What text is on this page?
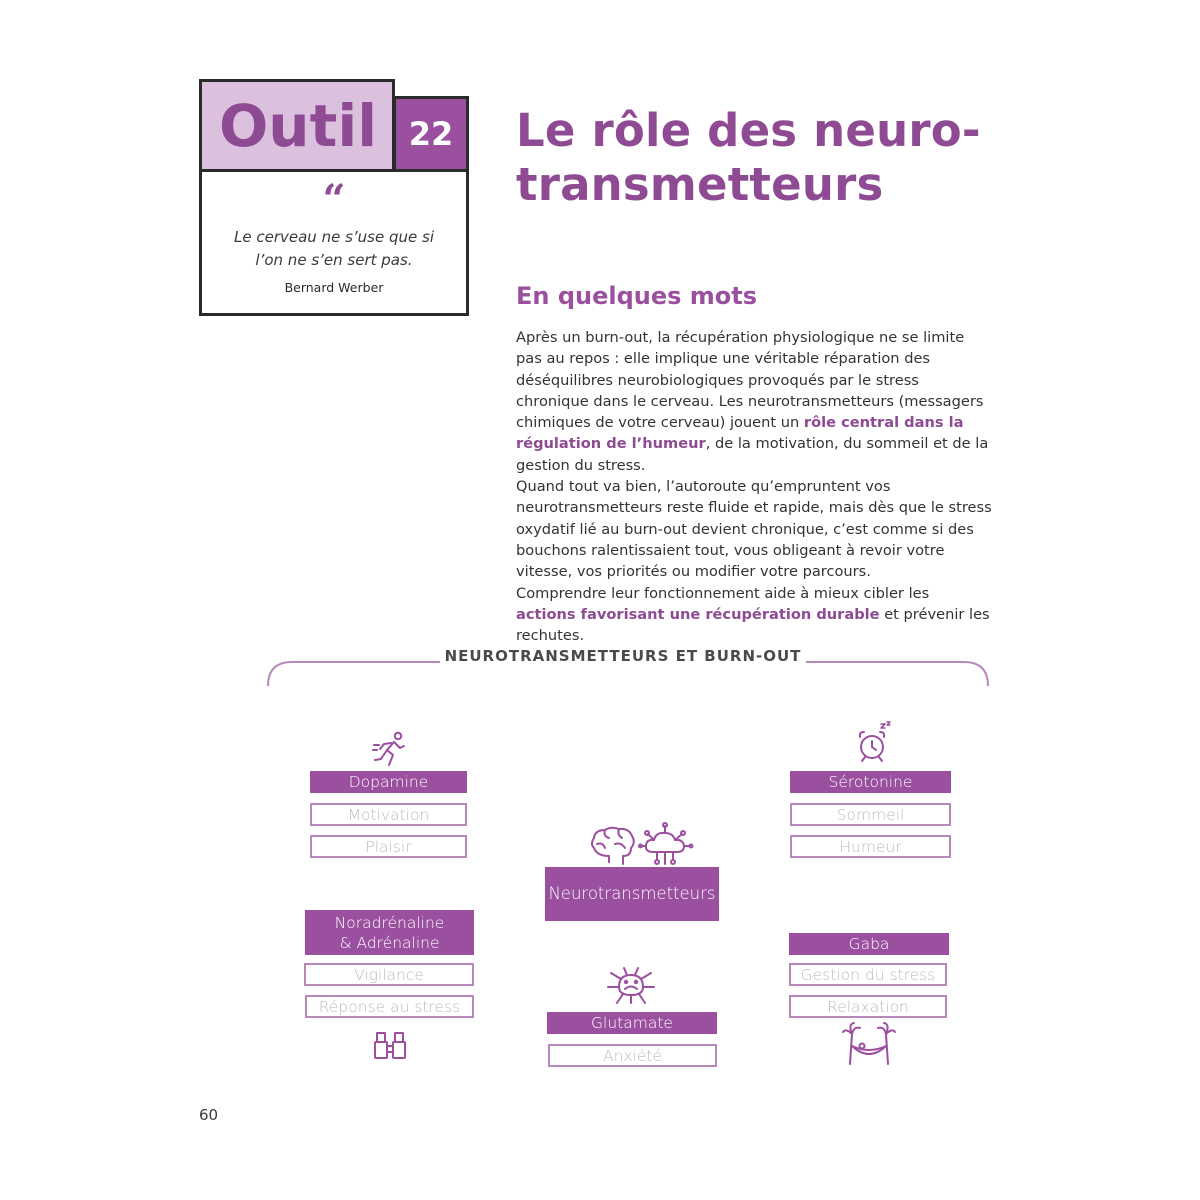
Outil 22
“
Le cerveau ne s’use que si
l’on ne s’en sert pas.
Bernard Werber
Le rôle des neuro-
transmetteurs
En quelques mots

Après un burn-out, la récupération physiologique ne se limite pas au repos : elle implique une véritable réparation des déséquilibres neurobiologiques provoqués par le stress chronique dans le cerveau. Les neurotransmetteurs (messagers chimiques de votre cerveau) jouent un rôle central dans la régulation de l’humeur, de la motivation, du sommeil et de la gestion du stress.

Quand tout va bien, l’autoroute qu’empruntent vos neurotransmetteurs reste fluide et rapide, mais dès que le stress oxydatif lié au burn-out devient chronique, c’est comme si des bouchons ralentissaient tout, vous obligeant à revoir votre vitesse, vos priorités ou modifier votre parcours.

Comprendre leur fonctionnement aide à mieux cibler les actions favorisant une récupération durable et prévenir les rechutes.

NEUROTRANSMETTEURS ET BURN-OUT
Dopamine
Motivation
Plaisir
Sérotonine
Sommeil
Humeur
Neurotransmetteurs
Noradrénaline
& Adrénaline
Vigilance
Réponse au stress
Glutamate
Anxiété
Gaba
Gestion du stress
Relaxation
60
